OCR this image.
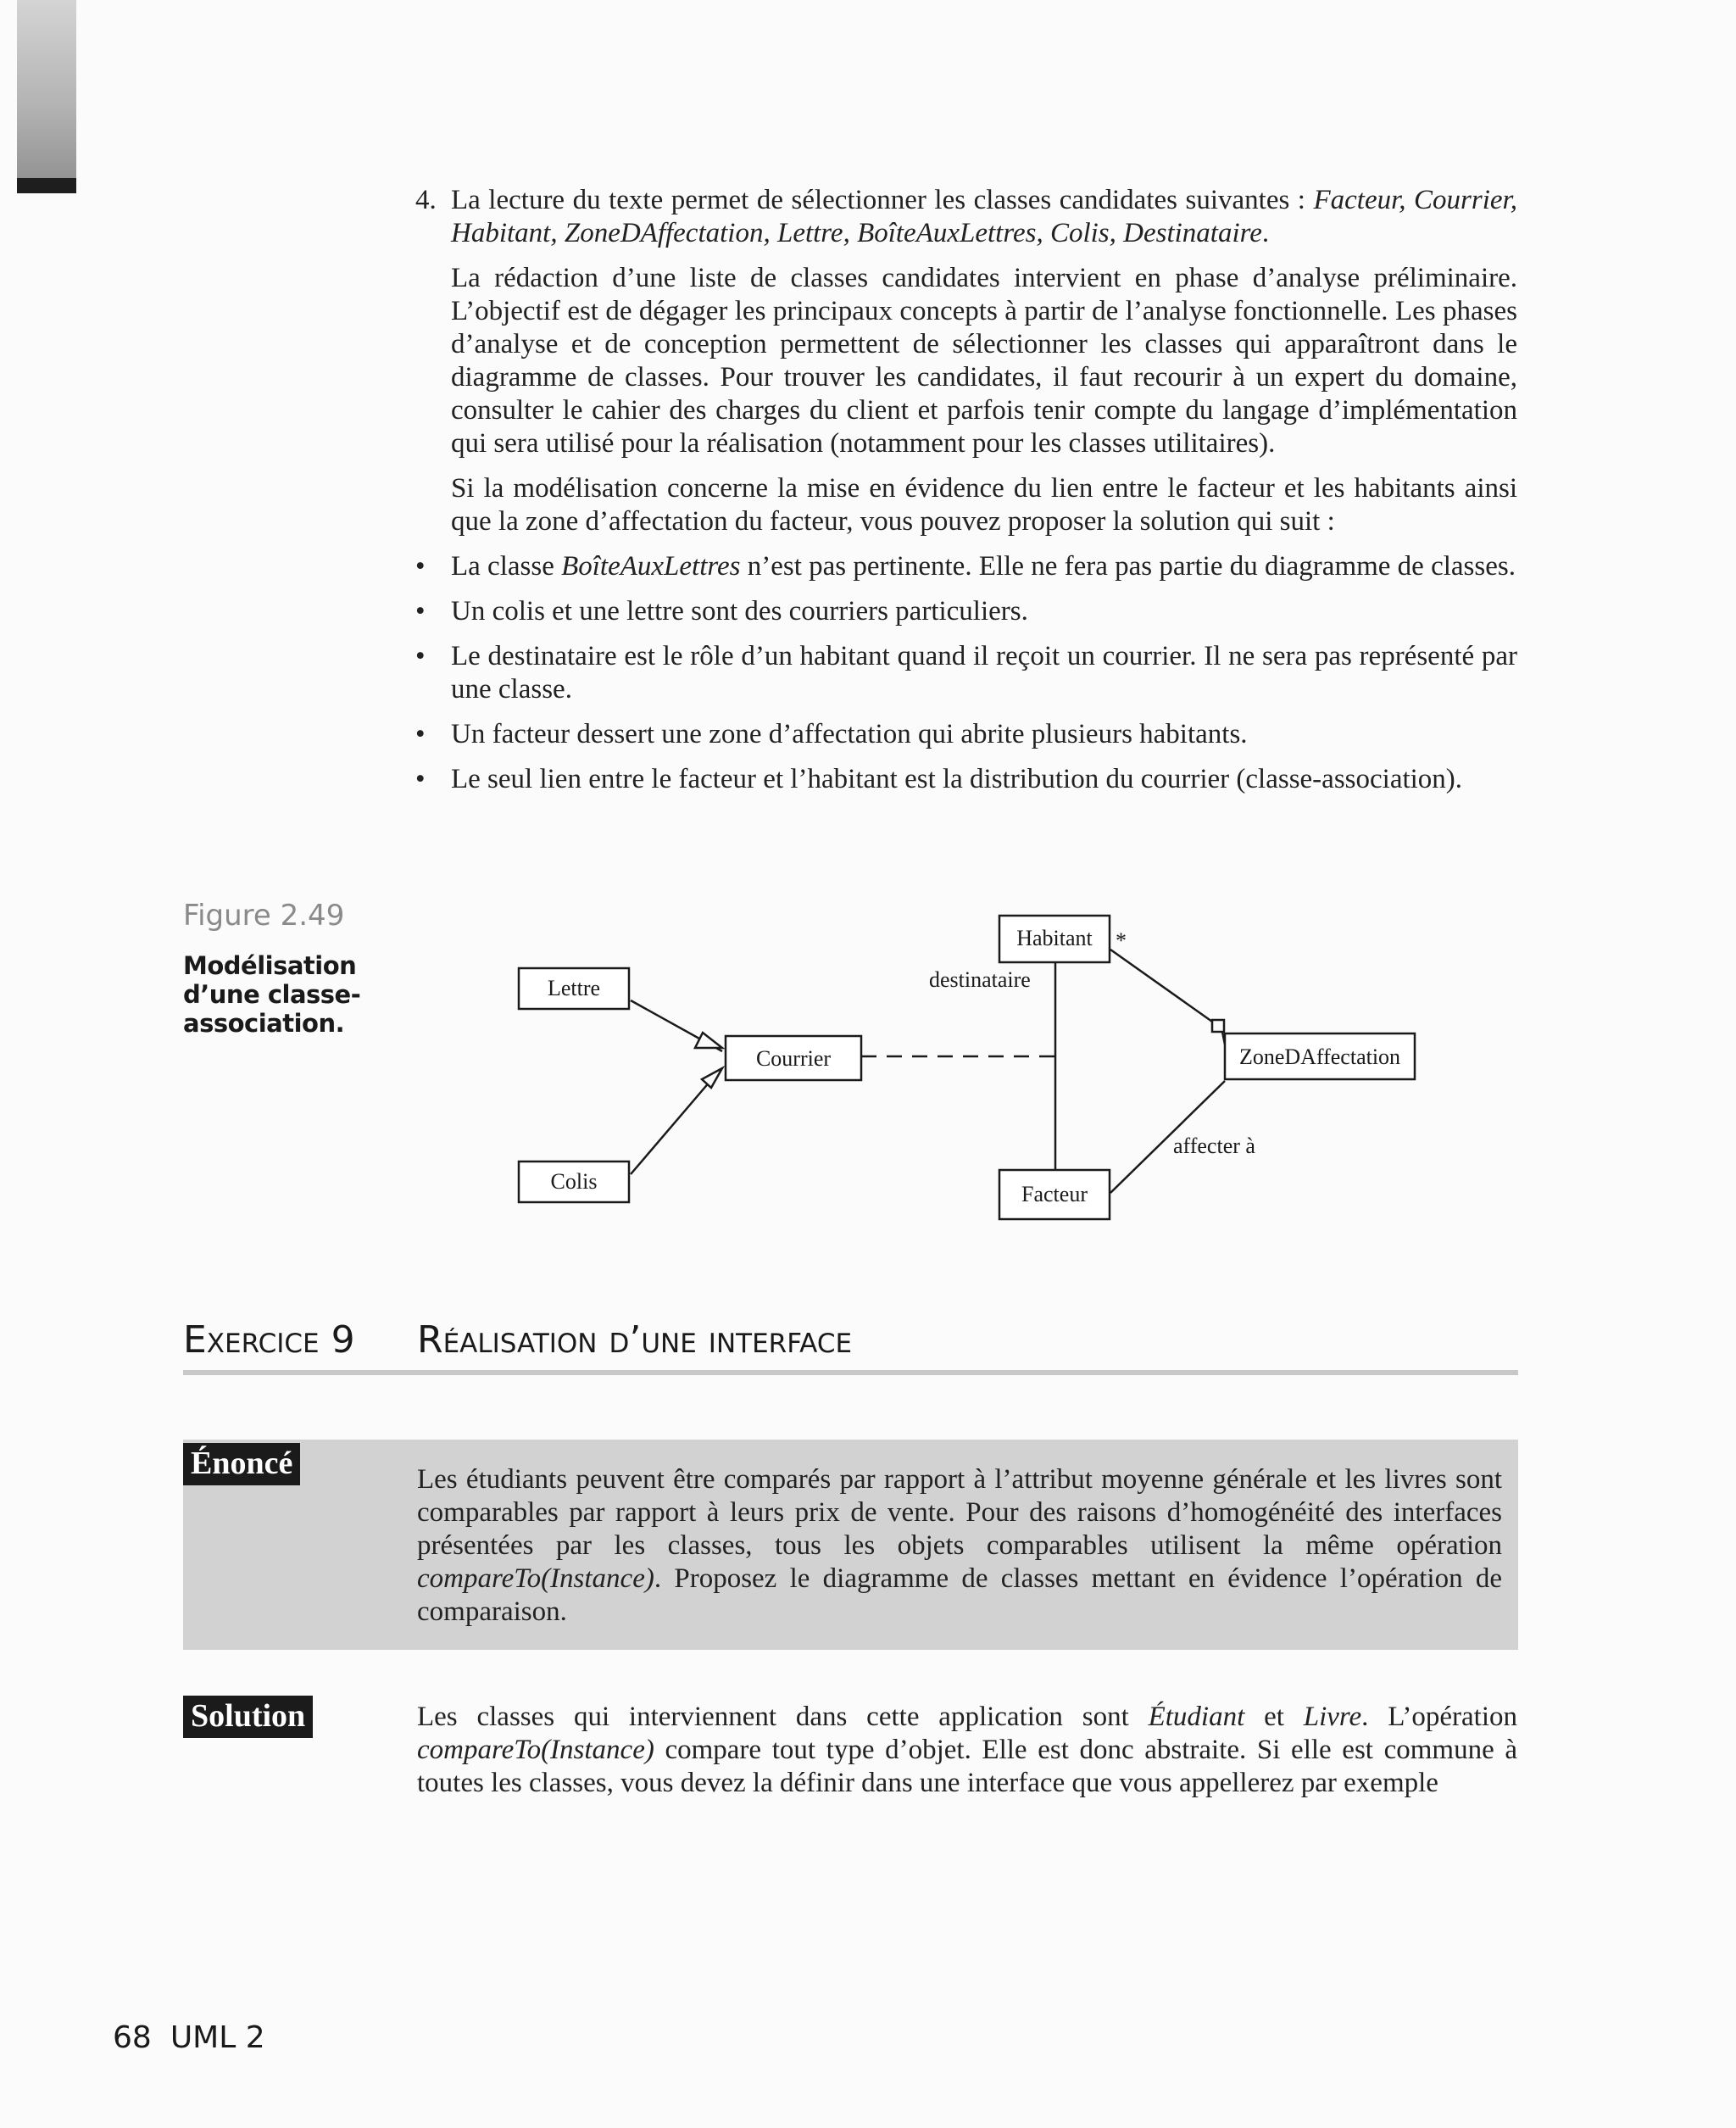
4. La lecture du texte permet de sélectionner les classes candidates suivantes : Facteur, Courrier, Habitant, ZoneDAffectation, Lettre, BoîteAuxLettres, Colis, Destinataire.

La rédaction d’une liste de classes candidates intervient en phase d’analyse préliminaire. L’objectif est de dégager les principaux concepts à partir de l’analyse fonctionnelle. Les phases d’analyse et de conception permettent de sélectionner les classes qui apparaîtront dans le diagramme de classes. Pour trouver les candidates, il faut recourir à un expert du domaine, consulter le cahier des charges du client et parfois tenir compte du langage d’implémentation qui sera utilisé pour la réalisation (notamment pour les classes utilitaires).

Si la modélisation concerne la mise en évidence du lien entre le facteur et les habitants ainsi que la zone d’affectation du facteur, vous pouvez proposer la solution qui suit :

• La classe BoîteAuxLettres n’est pas pertinente. Elle ne fera pas partie du diagramme de classes.
• Un colis et une lettre sont des courriers particuliers.
• Le destinataire est le rôle d’un habitant quand il reçoit un courrier. Il ne sera pas représenté par une classe.
• Un facteur dessert une zone d’affectation qui abrite plusieurs habitants.
• Le seul lien entre le facteur et l’habitant est la distribution du courrier (classe-association).
Figure 2.49
Modélisation d’une classe-association.
Lettre
Colis
Courrier
Habitant
Facteur
ZoneDAffectation
destinataire
*
affecter à
Exercice 9 Réalisation d’une interface
Énoncé	Les étudiants peuvent être comparés par rapport à l’attribut moyenne générale et les livres sont comparables par rapport à leurs prix de vente. Pour des raisons d’homogénéité des interfaces présentées par les classes, tous les objets comparables utilisent la même opération compareTo(Instance). Proposez le diagramme de classes mettant en évidence l’opération de comparaison.
Solution	Les classes qui interviennent dans cette application sont Étudiant et Livre. L’opération compareTo(Instance) compare tout type d’objet. Elle est donc abstraite. Si elle est commune à toutes les classes, vous devez la définir dans une interface que vous appellerez par exemple
68 UML 2
